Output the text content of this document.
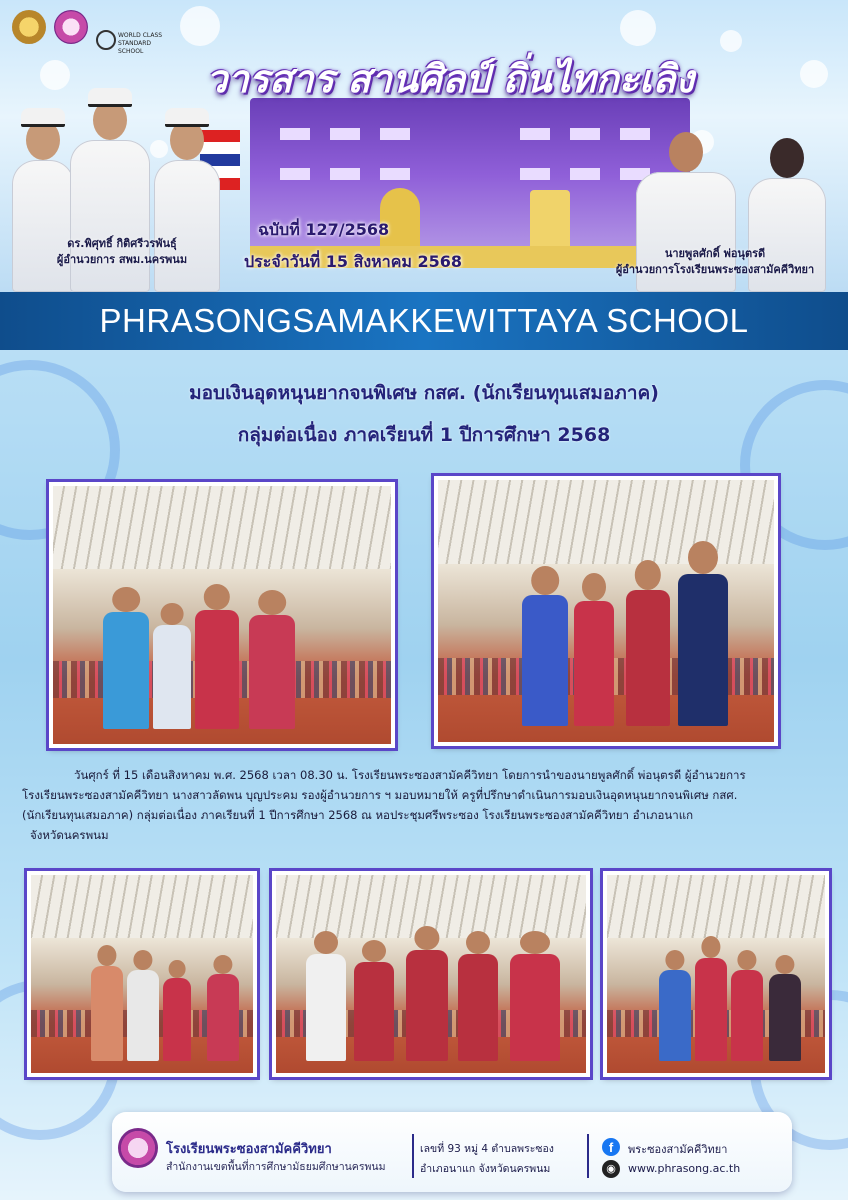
WORLD CLASS STANDARD SCHOOL
วารสาร สานศิลป์ ถิ่นไทกะเลิง
ฉบับที่ 127/2568
ประจำวันที่ 15 สิงหาคม 2568
ดร.พิศุทธิ์ กิติศรีวรพันธุ์
ผู้อำนวยการ สพม.นครพนม	นายพูลศักดิ์ พ่อนุตรดี
ผู้อำนวยการโรงเรียนพระซองสามัคคีวิทยา
PHRASONGSAMAKKEWITTAYA SCHOOL
มอบเงินอุดหนุนยากจนพิเศษ กสศ. (นักเรียนทุนเสมอภาค)
กลุ่มต่อเนื่อง ภาคเรียนที่ 1 ปีการศึกษา 2568

วันศุกร์ ที่ 15 เดือนสิงหาคม พ.ศ. 2568 เวลา 08.30 น. โรงเรียนพระซองสามัคคีวิทยา โดยการนำของนายพูลศักดิ์ พ่อนุตรดี ผู้อำนวยการ

โรงเรียนพระซองสามัคคีวิทยา นางสาวลัดพน บุญประคม รองผู้อำนวยการ ฯ มอบหมายให้ ครูที่ปรึกษาดำเนินการมอบเงินอุดหนุนยากจนพิเศษ กสศ.
(นักเรียนทุนเสมอภาค) กลุ่มต่อเนื่อง ภาคเรียนที่ 1 ปีการศึกษา 2568 ณ หอประชุมศรีพระซอง โรงเรียนพระซองสามัคคีวิทยา อำเภอนาแก
จังหวัดนครพนม
โรงเรียนพระซองสามัคคีวิทยา
สำนักงานเขตพื้นที่การศึกษามัธยมศึกษานครพนม
เลขที่ 93 หมู่ 4 ตำบลพระซอง
อำเภอนาแก จังหวัดนครพนม
f	พระซองสามัคคีวิทยา
◉	www.phrasong.ac.th
